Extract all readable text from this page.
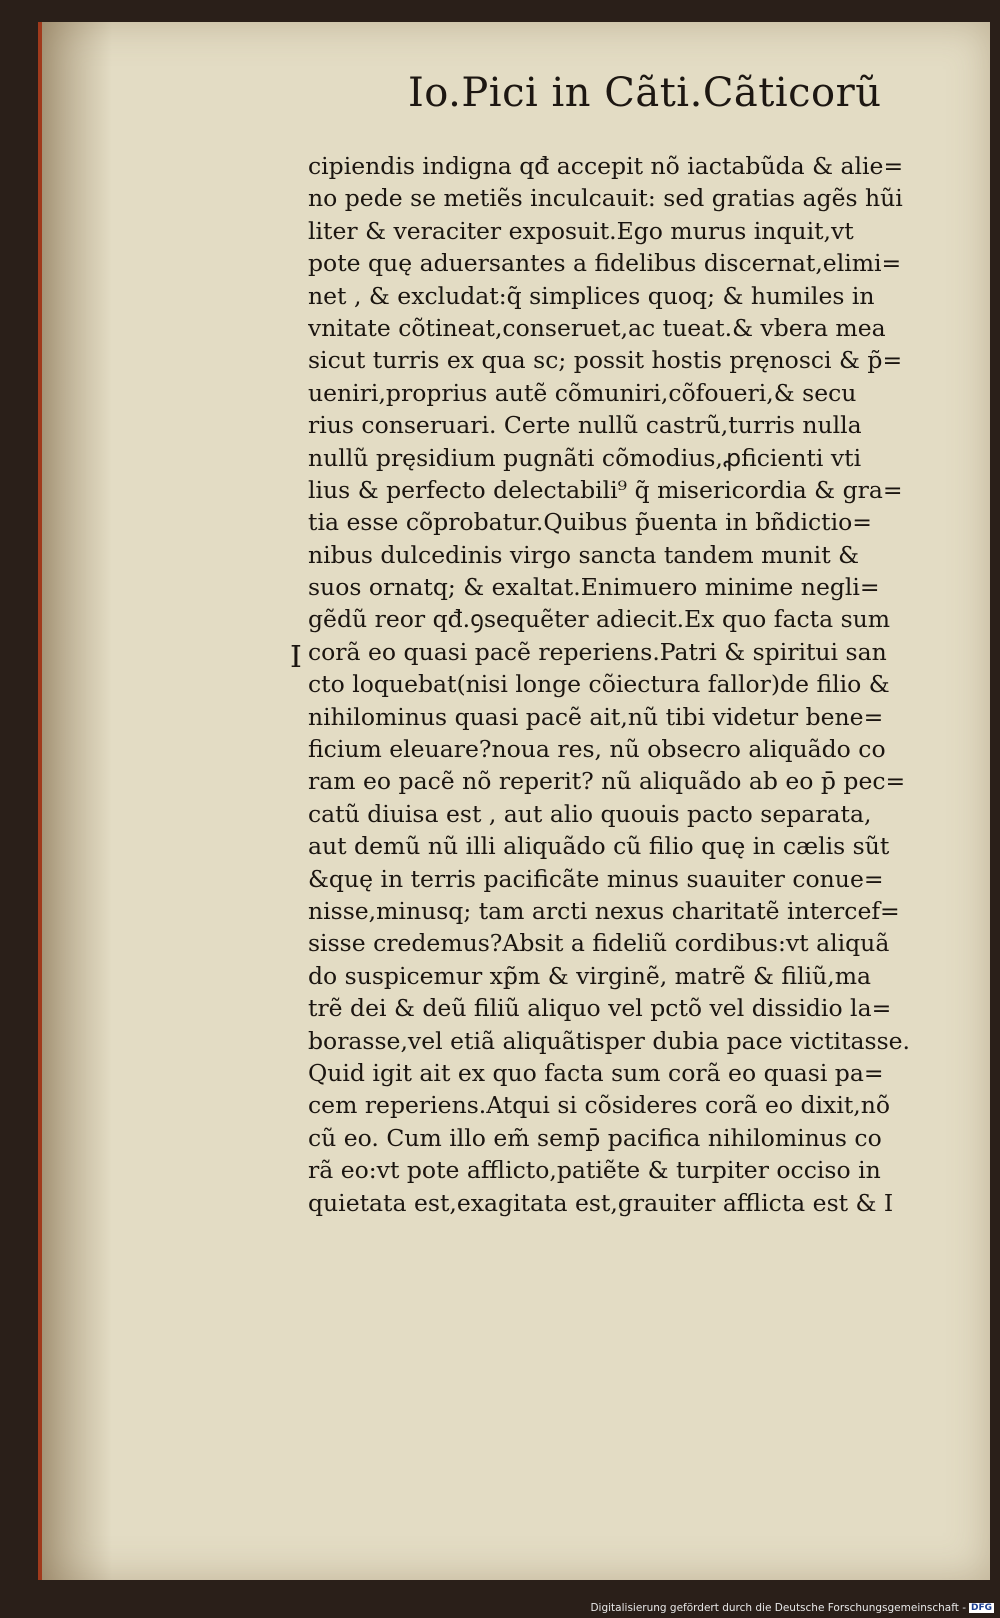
Io.Pici in Cãti.Cãticorũ
I
cipiendis indigna qđ accepit nõ iactabũda & alie=
no pede se metiẽs inculcauit: sed gratias agẽs hũi
liter & veraciter exposuit.Ego murus inquit,vt
pote quę aduersantes a fidelibus discernat,elimi=
net , & excludat:q̃ simplices quoq; & humiles in
vnitate cõtineat,conseruet,ac tueat.& vbera mea
sicut turris ex qua sc; possit hostis pręnosci & p̃=
ueniri,proprius autẽ cõmuniri,cõfoueri,& secu
rius conseruari. Certe nullũ castrũ,turris nulla
nullũ pręsidium pugnãti cõmodius,ꝓficienti vti
lius & perfecto delectabili⁹ q̃ misericordia & gra=
tia esse cõprobatur.Quibus p̃uenta in bñdictio=
nibus dulcedinis virgo sancta tandem munit &
suos ornatq; & exaltat.Enimuero minime negli=
gẽdũ reor qđ.ꝯsequẽter adiecit.Ex quo facta sum
corã eo quasi pacẽ reperiens.Patri & spiritui san
cto loquebat(nisi longe cõiectura fallor)de filio &
nihilominus quasi pacẽ ait,nũ tibi videtur bene=
ficium eleuare?noua res, nũ obsecro aliquãdo co
ram eo pacẽ nõ reperit? nũ aliquãdo ab eo p̄ pec=
catũ diuisa est , aut alio quouis pacto separata,
aut demũ nũ illi aliquãdo cũ filio quę in cælis sũt
&quę in terris pacificãte minus suauiter conue=
nisse,minusq; tam arcti nexus charitatẽ intercef=
sisse credemus?Absit a fideliũ cordibus:vt aliquã
do suspicemur xp̃m & virginẽ, matrẽ & filiũ,ma
trẽ dei & deũ filiũ aliquo vel pctõ vel dissidio la=
borasse,vel etiã aliquãtisper dubia pace victitasse.
Quid igit ait ex quo facta sum corã eo quasi pa=
cem reperiens.Atqui si cõsideres corã eo dixit,nõ
cũ eo. Cum illo em̃ semp̄ pacifica nihilominus co
rã eo:vt pote afflicto,patiẽte & turpiter occiso in
quietata est,exagitata est,grauiter afflicta est & I
Digitalisierung gefördert durch die Deutsche Forschungsgemeinschaft - DFG
